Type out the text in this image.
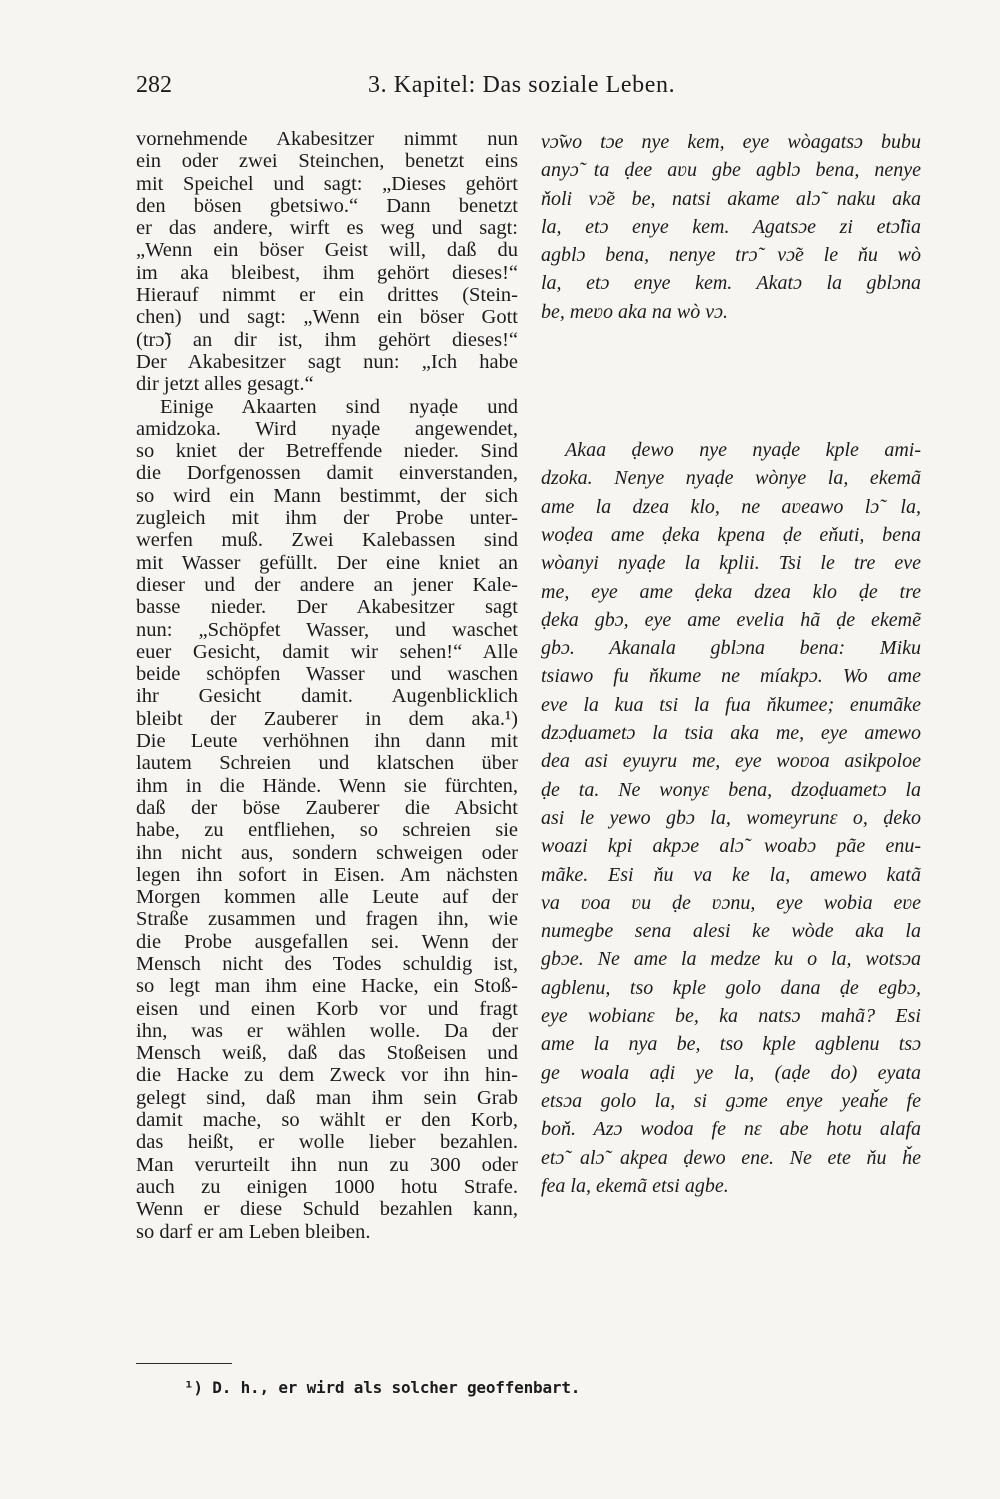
282	3. Kapitel: Das soziale Leben.
vornehmende Akabesitzer nimmt nun
ein oder zwei Steinchen, benetzt eins
mit Speichel und sagt: „Dieses gehört
den bösen gbetsiwo.“ Dann benetzt
er das andere, wirft es weg und sagt:
„Wenn ein böser Geist will, daß du
im aka bleibest, ihm gehört dieses!“
Hierauf nimmt er ein drittes (Stein-
chen) und sagt: „Wenn ein böser Gott
(trɔ̃) an dir ist, ihm gehört dieses!“
Der Akabesitzer sagt nun: „Ich habe
dir jetzt alles gesagt.“
Einige Akaarten sind nyaḍe und
amidzoka. Wird nyaḍe angewendet,
so kniet der Betreffende nieder. Sind
die Dorfgenossen damit einverstanden,
so wird ein Mann bestimmt, der sich
zugleich mit ihm der Probe unter-
werfen muß. Zwei Kalebassen sind
mit Wasser gefüllt. Der eine kniet an
dieser und der andere an jener Kale-
basse nieder. Der Akabesitzer sagt
nun: „Schöpfet Wasser, und waschet
euer Gesicht, damit wir sehen!“ Alle
beide schöpfen Wasser und waschen
ihr Gesicht damit. Augenblicklich
bleibt der Zauberer in dem aka.¹)
Die Leute verhöhnen ihn dann mit
lautem Schreien und klatschen über
ihm in die Hände. Wenn sie fürchten,
daß der böse Zauberer die Absicht
habe, zu entfliehen, so schreien sie
ihn nicht aus, sondern schweigen oder
legen ihn sofort in Eisen. Am nächsten
Morgen kommen alle Leute auf der
Straße zusammen und fragen ihn, wie
die Probe ausgefallen sei. Wenn der
Mensch nicht des Todes schuldig ist,
so legt man ihm eine Hacke, ein Stoß-
eisen und einen Korb vor und fragt
ihn, was er wählen wolle. Da der
Mensch weiß, daß das Stoßeisen und
die Hacke zu dem Zweck vor ihn hin-
gelegt sind, daß man ihm sein Grab
damit mache, so wählt er den Korb,
das heißt, er wolle lieber bezahlen.
Man verurteilt ihn nun zu 300 oder
auch zu einigen 1000 hotu Strafe.
Wenn er diese Schuld bezahlen kann,
so darf er am Leben bleiben.
vɔ̃wo tɔe nye kem, eye wòagatsɔ bubu
anyɔ̃ ta ḍee aʋu gbe agblɔ bena, nenye
ňoli vɔ̃e be, natsi akame alɔ̃ naku aka
la, etɔ enye kem. Agatsɔe zi etɔ̃lia
agblɔ bena, nenye trɔ̃ vɔ̃e le ňu wò
la, etɔ enye kem. Akatɔ la gblɔna
be, meʋo aka na wò vɔ.
Akaa ḍewo nye nyaḍe kple ami-
dzoka. Nenye nyaḍe wònye la, ekemã
ame la dzea klo, ne aʋeawo lɔ̃ la,
woḍea ame ḍeka kpena ḍe eňuti, bena
wòanyi nyaḍe la kplii. Tsi le tre eve
me, eye ame ḍeka dzea klo ḍe tre
ḍeka gbɔ, eye ame evelia hã ḍe ekemẽ
gbɔ. Akanala gblɔna bena: Miku
tsiawo fu ňkume ne míakpɔ. Wo ame
eve la kua tsi la fua ňkumee; enumãke
dzɔḍuametɔ la tsia aka me, eye amewo
dea asi eyuyru me, eye woʋoa asikpoloe
ḍe ta. Ne wonyɛ bena, dzoḍuametɔ la
asi le yewo gbɔ la, womeyrunɛ o, ḍeko
woazi kpi akpɔe alɔ̃ woabɔ pãe enu-
mãke. Esi ňu va ke la, amewo katã
va ʋoa ʋu ḍe ʋɔnu, eye wobia eʋe
numegbe sena alesi ke wòde aka la
gbɔe. Ne ame la medze ku o la, wotsɔa
agblenu, tso kple golo dana ḍe egbɔ,
eye wobianɛ be, ka natsɔ mahã? Esi
ame la nya be, tso kple agblenu tsɔ
ge woala aḍi ye la, (aḍe do) eyata
etsɔa golo la, si gɔme enye yeaȟe fe
boň. Azɔ wodoa fe nɛ abe hotu alafa
etɔ̃ alɔ̃ akpea ḍewo ene. Ne ete ňu ȟe
fea la, ekemã etsi agbe.
¹) D. h., er wird als solcher geoffenbart.
